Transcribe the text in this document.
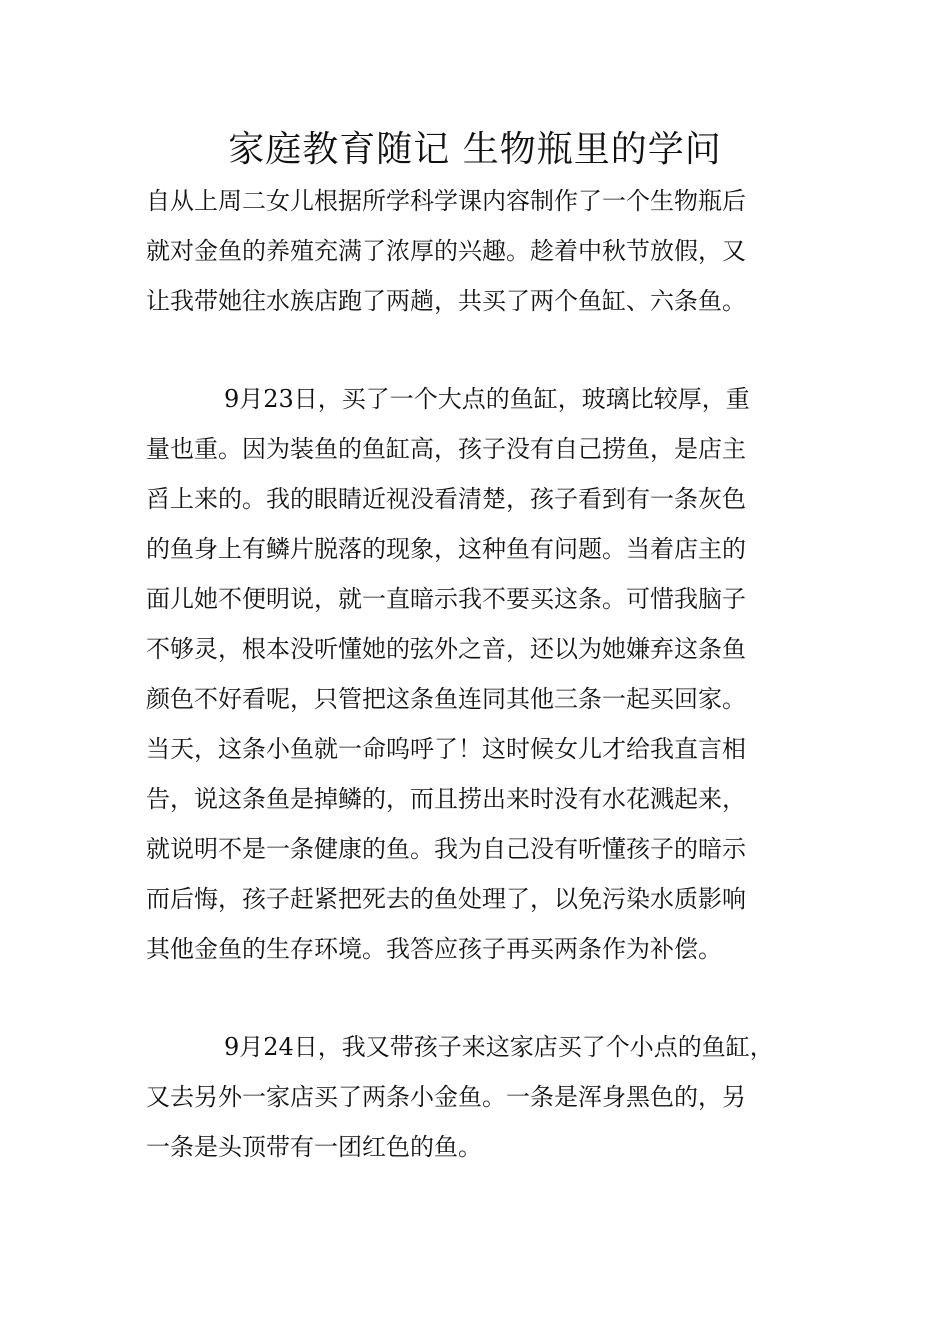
家庭教育随记 生物瓶里的学问
自从上周二女儿根据所学科学课内容制作了一个生物瓶后
就对金鱼的养殖充满了浓厚的兴趣。趁着中秋节放假，又
让我带她往水族店跑了两趟，共买了两个鱼缸、六条鱼。
9月23日，买了一个大点的鱼缸，玻璃比较厚，重
量也重。因为装鱼的鱼缸高，孩子没有自己捞鱼，是店主
舀上来的。我的眼睛近视没看清楚，孩子看到有一条灰色
的鱼身上有鳞片脱落的现象，这种鱼有问题。当着店主的
面儿她不便明说，就一直暗示我不要买这条。可惜我脑子
不够灵，根本没听懂她的弦外之音，还以为她嫌弃这条鱼
颜色不好看呢，只管把这条鱼连同其他三条一起买回家。
当天，这条小鱼就一命呜呼了！这时候女儿才给我直言相
告，说这条鱼是掉鳞的，而且捞出来时没有水花溅起来，
就说明不是一条健康的鱼。我为自己没有听懂孩子的暗示
而后悔，孩子赶紧把死去的鱼处理了，以免污染水质影响
其他金鱼的生存环境。我答应孩子再买两条作为补偿。
9月24日，我又带孩子来这家店买了个小点的鱼缸，
又去另外一家店买了两条小金鱼。一条是浑身黑色的，另
一条是头顶带有一团红色的鱼。
